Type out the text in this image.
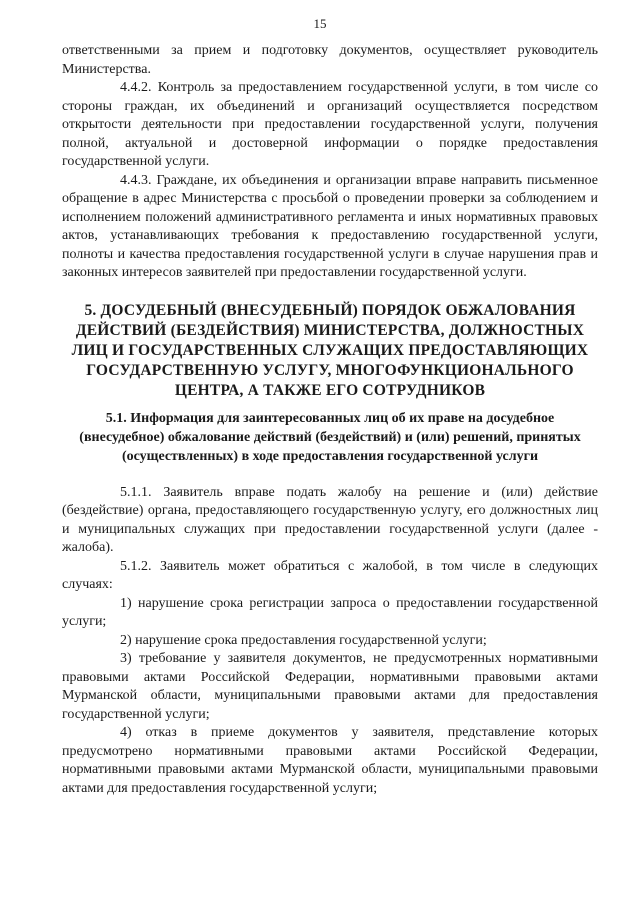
15

ответственными за прием и подготовку документов, осуществляет руководитель Министерства.

4.4.2. Контроль за предоставлением государственной услуги, в том числе со стороны граждан, их объединений и организаций осуществляется посредством открытости деятельности при предоставлении государственной услуги, получения полной, актуальной и достоверной информации о порядке предоставления государственной услуги.

4.4.3. Граждане, их объединения и организации вправе направить письменное обращение в адрес Министерства с просьбой о проведении проверки за соблюдением и исполнением положений административного регламента и иных нормативных правовых актов, устанавливающих требования к предоставлению государственной услуги, полноты и качества предоставления государственной услуги в случае нарушения прав и законных интересов заявителей при предоставлении государственной услуги.

5. ДОСУДЕБНЫЙ (ВНЕСУДЕБНЫЙ) ПОРЯДОК ОБЖАЛОВАНИЯ ДЕЙСТВИЙ (БЕЗДЕЙСТВИЯ) МИНИСТЕРСТВА, ДОЛЖНОСТНЫХ ЛИЦ И ГОСУДАРСТВЕННЫХ СЛУЖАЩИХ ПРЕДОСТАВЛЯЮЩИХ ГОСУДАРСТВЕННУЮ УСЛУГУ, МНОГОФУНКЦИОНАЛЬНОГО ЦЕНТРА, А ТАКЖЕ ЕГО СОТРУДНИКОВ
5.1. Информация для заинтересованных лиц об их праве на досудебное (внесудебное) обжалование действий (бездействий) и (или) решений, принятых (осуществленных) в ходе предоставления государственной услуги

5.1.1. Заявитель вправе подать жалобу на решение и (или) действие (бездействие) органа, предоставляющего государственную услугу, его должностных лиц и муниципальных служащих при предоставлении государственной услуги (далее - жалоба).

5.1.2. Заявитель может обратиться с жалобой, в том числе в следующих случаях:

1) нарушение срока регистрации запроса о предоставлении государственной услуги;

2) нарушение срока предоставления государственной услуги;

3) требование у заявителя документов, не предусмотренных нормативными правовыми актами Российской Федерации, нормативными правовыми актами Мурманской области, муниципальными правовыми актами для предоставления государственной услуги;

4) отказ в приеме документов у заявителя, представление которых предусмотрено нормативными правовыми актами Российской Федерации, нормативными правовыми актами Мурманской области, муниципальными правовыми актами для предоставления государственной услуги;
